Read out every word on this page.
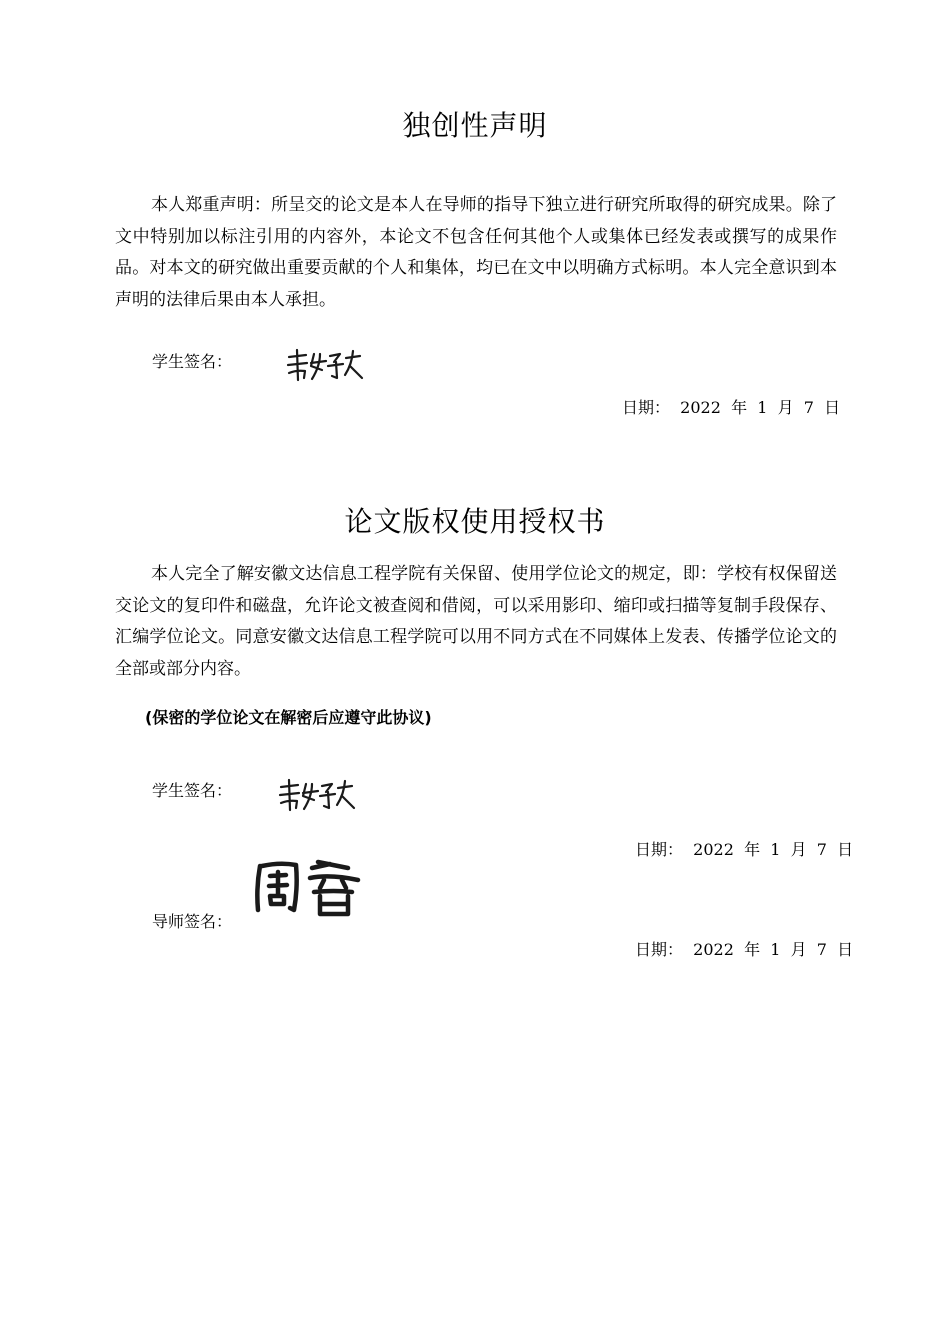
独创性声明

本人郑重声明：所呈交的论文是本人在导师的指导下独立进行研究所取得的研究成果。除了文中特别加以标注引用的内容外，本论文不包含任何其他个人或集体已经发表或撰写的成果作品。对本文的研究做出重要贡献的个人和集体，均已在文中以明确方式标明。本人完全意识到本声明的法律后果由本人承担。

学生签名：
日期：  2022  年  1  月  7  日
论文版权使用授权书

本人完全了解安徽文达信息工程学院有关保留、使用学位论文的规定，即：学校有权保留送交论文的复印件和磁盘，允许论文被查阅和借阅，可以采用影印、缩印或扫描等复制手段保存、汇编学位论文。同意安徽文达信息工程学院可以用不同方式在不同媒体上发表、传播学位论文的全部或部分内容。

(保密的学位论文在解密后应遵守此协议)
学生签名：
日期：  2022  年  1  月  7  日
导师签名：
日期：  2022  年  1  月  7  日
